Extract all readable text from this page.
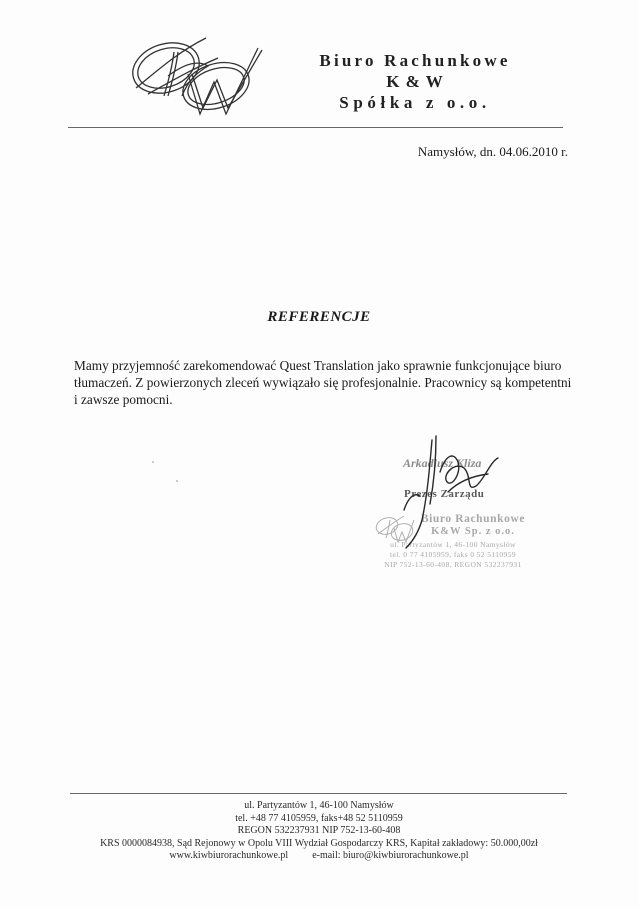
Biuro Rachunkowe
K & W
Spółka z o.o.
Namysłów, dn. 04.06.2010 r.
REFERENCJE
Mamy przyjemność zarekomendować Quest Translation jako sprawnie funkcjonujące biuro tłumaczeń. Z powierzonych zleceń wywiązało się profesjonalnie. Pracownicy są kompetentni i zawsze pomocni.
Arkadiusz Kliza
Prezes Zarządu
Biuro Rachunkowe
K&W Sp. z o.o.
ul. Partyzantów 1, 46-100 Namysłów
tel. 0 77 4105959, faks 0 52 5110959
NIP 752-13-60-408, REGON 532237931
ul. Partyzantów 1, 46-100 Namysłów
tel. +48 77 4105959, faks+48 52 5110959
REGON 532237931 NIP 752-13-60-408
KRS 0000084938, Sąd Rejonowy w Opolu VIII Wydział Gospodarczy KRS, Kapitał zakładowy: 50.000,00zł
www.kiwbiurorachunkowe.pl e-mail: biuro@kiwbiurorachunkowe.pl
